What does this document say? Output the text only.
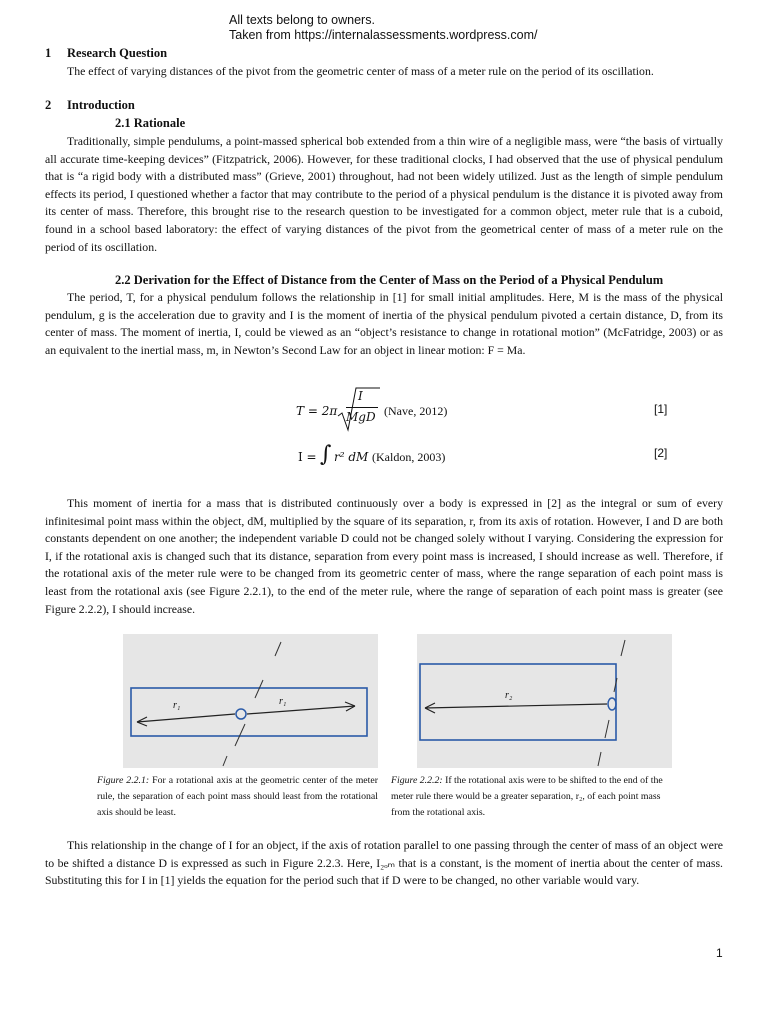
All texts belong to owners.
Taken from https://internalassessments.wordpress.com/
1 Research Question
The effect of varying distances of the pivot from the geometric center of mass of a meter rule on the period of its oscillation.
2 Introduction
2.1 Rationale
Traditionally, simple pendulums, a point-massed spherical bob extended from a thin wire of a negligible mass, were “the basis of virtually all accurate time-keeping devices” (Fitzpatrick, 2006). However, for these traditional clocks, I had observed that the use of physical pendulum that is “a rigid body with a distributed mass” (Grieve, 2001) throughout, had not been widely utilized. Just as the length of simple pendulum effects its period, I questioned whether a factor that may contribute to the period of a physical pendulum is the distance it is pivoted away from its center of mass. Therefore, this brought rise to the research question to be investigated for a common object, meter rule that is a cuboid, found in a school based laboratory: the effect of varying distances of the pivot from the geometrical center of mass of a meter rule on the period of its oscillation.
2.2 Derivation for the Effect of Distance from the Center of Mass on the Period of a Physical Pendulum
The period, T, for a physical pendulum follows the relationship in [1] for small initial amplitudes. Here, M is the mass of the physical pendulum, g is the acceleration due to gravity and I is the moment of inertia of the physical pendulum pivoted a certain distance, D, from its center of mass. The moment of inertia, I, could be viewed as an “object’s resistance to change in rotational motion” (McFatridge, 2003) or as an equivalent to the inertial mass, m, in Newton’s Second Law for an object in linear motion: F = Ma.
T = 2π
I
MgD (Nave, 2012)	[1]
I = ∫ r² dM (Kaldon, 2003)	[2]
This moment of inertia for a mass that is distributed continuously over a body is expressed in [2] as the integral or sum of every infinitesimal point mass within the object, dM, multiplied by the square of its separation, r, from its axis of rotation. However, I and D are both constants dependent on one another; the independent variable D could not be changed solely without I varying. Considering the expression for I, if the rotational axis is changed such that its distance, separation from every point mass is increased, I should increase as well. Therefore, if the rotational axis of the meter rule were to be changed from its geometric center of mass, where the range separation of each point mass is least from the rotational axis (see Figure 2.2.1), to the end of the meter rule, where the range of separation of each point mass is greater (see Figure 2.2.2), I should increase.
r₁	r₁
r₂
Figure 2.2.1: For a rotational axis at the geometric center of the meter rule, the separation of each point mass should least from the rotational axis should be least.
Figure 2.2.2: If the rotational axis were to be shifted to the end of the meter rule there would be a greater separation, r₂, of each point mass from the rotational axis.
This relationship in the change of I for an object, if the axis of rotation parallel to one passing through the center of mass of an object were to be shifted a distance D is expressed as such in Figure 2.2.3. Here, I₂ₒₘ that is a constant, is the moment of inertia about the center of mass. Substituting this for I in [1] yields the equation for the period such that if D were to be changed, no other variable would vary.
1
